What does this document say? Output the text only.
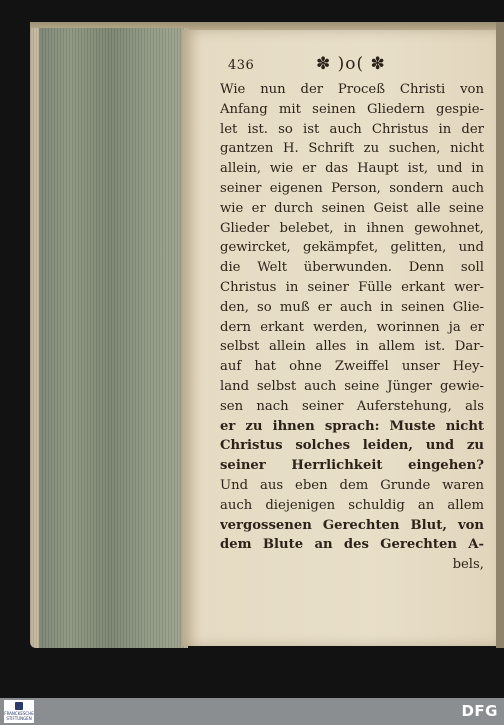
436	✽ )o( ✽
Wie nun der Proceß Christi von
Anfang mit seinen Gliedern gespie-
let ist. so ist auch Christus in der
gantzen H. Schrift zu suchen, nicht
allein, wie er das Haupt ist, und in
seiner eigenen Person, sondern auch
wie er durch seinen Geist alle seine
Glieder belebet, in ihnen gewohnet,
gewircket, gekämpfet, gelitten, und
die Welt überwunden. Denn soll
Christus in seiner Fülle erkant wer-
den, so muß er auch in seinen Glie-
dern erkant werden, worinnen ja er
selbst allein alles in allem ist. Dar-
auf hat ohne Zweiffel unser Hey-
land selbst auch seine Jünger gewie-
sen nach seiner Auferstehung, als
er zu ihnen sprach: Muste nicht
Christus solches leiden, und zu
seiner Herrlichkeit eingehen?
Und aus eben dem Grunde waren
auch diejenigen schuldig an allem
vergossenen Gerechten Blut, von
dem Blute an des Gerechten A-
bels,
FRANCKESCHE STIFTUNGEN	DFG
